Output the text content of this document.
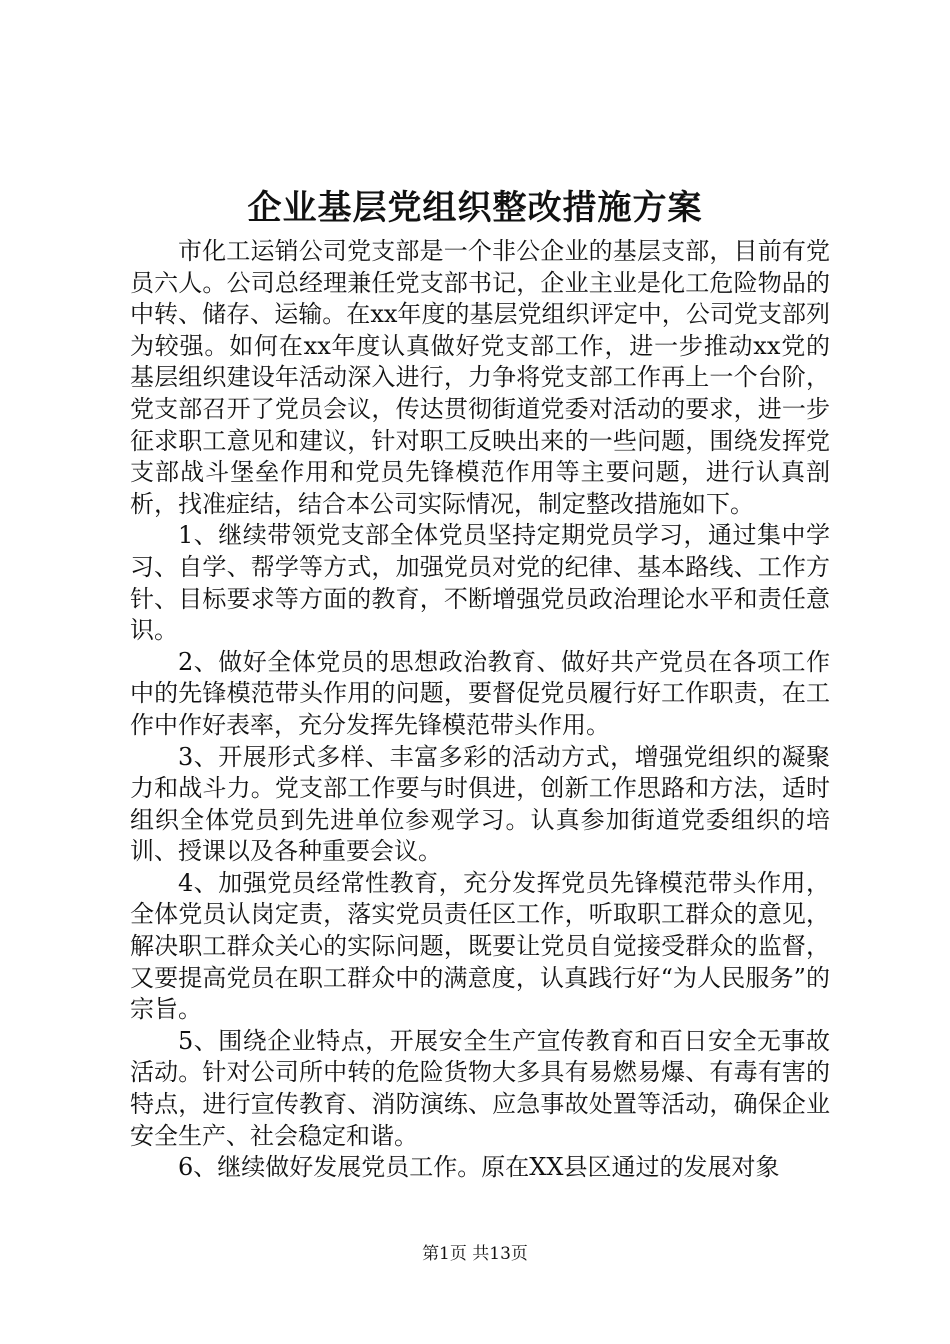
企业基层党组织整改措施方案

市化工运销公司党支部是一个非公企业的基层支部，目前有党员六人。公司总经理兼任党支部书记，企业主业是化工危险物品的中转、储存、运输。在xx年度的基层党组织评定中，公司党支部列为较强。如何在xx年度认真做好党支部工作，进一步推动xx党的基层组织建设年活动深入进行，力争将党支部工作再上一个台阶，党支部召开了党员会议，传达贯彻街道党委对活动的要求，进一步征求职工意见和建议，针对职工反映出来的一些问题，围绕发挥党支部战斗堡垒作用和党员先锋模范作用等主要问题，进行认真剖析，找准症结，结合本公司实际情况，制定整改措施如下。

1、继续带领党支部全体党员坚持定期党员学习，通过集中学习、自学、帮学等方式，加强党员对党的纪律、基本路线、工作方针、目标要求等方面的教育，不断增强党员政治理论水平和责任意识。

2、做好全体党员的思想政治教育、做好共产党员在各项工作中的先锋模范带头作用的问题，要督促党员履行好工作职责，在工作中作好表率，充分发挥先锋模范带头作用。

3、开展形式多样、丰富多彩的活动方式，增强党组织的凝聚力和战斗力。党支部工作要与时俱进，创新工作思路和方法，适时组织全体党员到先进单位参观学习。认真参加街道党委组织的培训、授课以及各种重要会议。

4、加强党员经常性教育，充分发挥党员先锋模范带头作用，全体党员认岗定责，落实党员责任区工作，听取职工群众的意见，解决职工群众关心的实际问题，既要让党员自觉接受群众的监督，又要提高党员在职工群众中的满意度，认真践行好“为人民服务”的宗旨。

5、围绕企业特点，开展安全生产宣传教育和百日安全无事故活动。针对公司所中转的危险货物大多具有易燃易爆、有毒有害的特点，进行宣传教育、消防演练、应急事故处置等活动，确保企业安全生产、社会稳定和谐。

6、继续做好发展党员工作。原在XX县区通过的发展对象

第1页 共13页
